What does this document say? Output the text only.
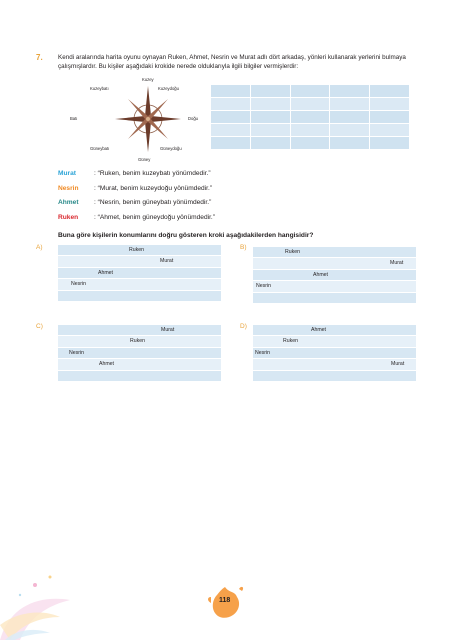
7. Kendi aralarında harita oyunu oynayan Ruken, Ahmet, Nesrin ve Murat adlı dört arkadaş, yönleri kullanarak yerlerini bulmaya çalışmışlardır. Bu kişiler aşağıdaki krokide nerede olduklarıyla ilgili bilgiler vermişlerdir:
Kuzey
Kuzeybatı	Kuzeydoğu
Batı	Doğu
Güneybatı	Güneydoğu
Güney

Murat	: “Ruken, benim kuzeybatı yönümdedir.”
Nesrin : “Murat, benim kuzeydoğu yönümdedir.”
Ahmet : “Nesrin, benim güneybatı yönümdedir.”
Ruken : “Ahmet, benim güneydoğu yönümdedir.”
Buna göre kişilerin konumlarını doğru gösteren kroki aşağıdakilerden hangisidir?
A)	Ruken
Murat
Ahmet
Nesrin
B)
Ruken
Murat
Ahmet
Nesrin
C)	Murat
Ruken
Nesrin
Ahmet
D)	Ahmet
Ruken
Nesrin
Murat
118
